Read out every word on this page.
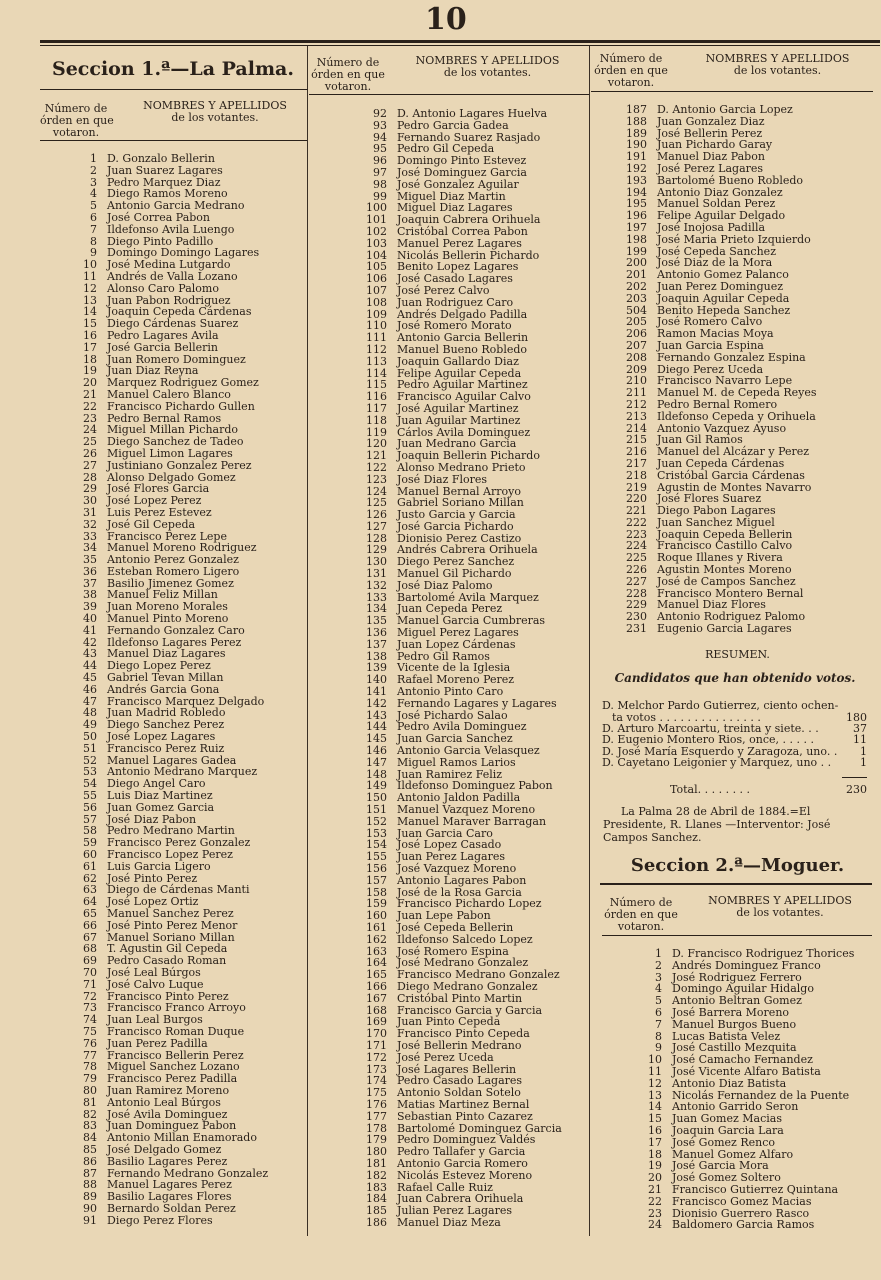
10
Seccion 1.ª—La Palma.
Número de
órden en que
votaron.
NOMBRES Y APELLIDOS
de los votantes.
Número de
órden en que
votaron.
NOMBRES Y APELLIDOS
de los votantes.
Número de
órden en que
votaron.
NOMBRES Y APELLIDOS
de los votantes.
1 D. Gonzalo Bellerin
2 Juan Suarez Lagares
3 Pedro Marquez Diaz
4 Diego Ramos Moreno
5 Antonio Garcia Medrano
6 José Correa Pabon
7 Ildefonso Avila Luengo
8 Diego Pinto Padillo
9 Domingo Domingo Lagares
10 José Medina Lutgardo
11 Andrés de Valla Lozano
12 Alonso Caro Palomo
13 Juan Pabon Rodriguez
14 Joaquin Cepeda Cárdenas
15 Diego Cárdenas Suarez
16 Pedro Lagares Avila
17 José Garcia Bellerin
18 Juan Romero Dominguez
19 Juan Diaz Reyna
20 Marquez Rodriguez Gomez
21 Manuel Calero Blanco
22 Francisco Pichardo Gullen
23 Pedro Bernal Ramos
24 Miguel Millan Pichardo
25 Diego Sanchez de Tadeo
26 Miguel Limon Lagares
27 Justiniano Gonzalez Perez
28 Alonso Delgado Gomez
29 José Flores Garcia
30 José Lopez Perez
31 Luis Perez Estevez
32 José Gil Cepeda
33 Francisco Perez Lepe
34 Manuel Moreno Rodriguez
35 Antonio Perez Gonzalez
36 Esteban Romero Ligero
37 Basilio Jimenez Gomez
38 Manuel Feliz Millan
39 Juan Moreno Morales
40 Manuel Pinto Moreno
41 Fernando Gonzalez Caro
42 Ildefonso Lagares Perez
43 Manuel Diaz Lagares
44 Diego Lopez Perez
45 Gabriel Tevan Millan
46 Andrés Garcia Gona
47 Francisco Marquez Delgado
48 Juan Madrid Robledo
49 Diego Sanchez Perez
50 José Lopez Lagares
51 Francisco Perez Ruiz
52 Manuel Lagares Gadea
53 Antonio Medrano Marquez
54 Diego Angel Caro
55 Luis Diaz Martinez
56 Juan Gomez Garcia
57 José Diaz Pabon
58 Pedro Medrano Martin
59 Francisco Perez Gonzalez
60 Francisco Lopez Perez
61 Luis Garcia Ligero
62 José Pinto Perez
63 Diego de Cárdenas Manti
64 José Lopez Ortiz
65 Manuel Sanchez Perez
66 José Pinto Perez Menor
67 Manuel Soriano Millan
68 T. Agustin Gil Cepeda
69 Pedro Casado Roman
70 José Leal Búrgos
71 José Calvo Luque
72 Francisco Pinto Perez
73 Francisco Franco Arroyo
74 Juan Leal Burgos
75 Francisco Roman Duque
76 Juan Perez Padilla
77 Francisco Bellerin Perez
78 Miguel Sanchez Lozano
79 Francisco Perez Padilla
80 Juan Ramirez Moreno
81 Antonio Leal Búrgos
82 José Avila Dominguez
83 Juan Dominguez Pabon
84 Antonio Millan Enamorado
85 José Delgado Gomez
86 Basilio Lagares Perez
87 Fernando Medrano Gonzalez
88 Manuel Lagares Perez
89 Basilio Lagares Flores
90 Bernardo Soldan Perez
91 Diego Perez Flores
92 D. Antonio Lagares Huelva
93 Pedro Garcia Gadea
94 Fernando Suarez Rasjado
95 Pedro Gil Cepeda
96 Domingo Pinto Estevez
97 José Dominguez Garcia
98 José Gonzalez Aguilar
99 Miguel Diaz Martin
100 Miguel Diaz Lagares
101 Joaquin Cabrera Orihuela
102 Cristóbal Correa Pabon
103 Manuel Perez Lagares
104 Nicolás Bellerin Pichardo
105 Benito Lopez Lagares
106 José Casado Lagares
107 José Perez Calvo
108 Juan Rodriguez Caro
109 Andrés Delgado Padilla
110 José Romero Morato
111 Antonio Garcia Bellerin
112 Manuel Bueno Robledo
113 Joaquin Gallardo Diaz
114 Felipe Aguilar Cepeda
115 Pedro Aguilar Martinez
116 Francisco Aguilar Calvo
117 José Aguilar Martinez
118 Juan Aguilar Martinez
119 Cárlos Avila Dominguez
120 Juan Medrano Garcia
121 Joaquin Bellerin Pichardo
122 Alonso Medrano Prieto
123 José Diaz Flores
124 Manuel Bernal Arroyo
125 Gabriel Soriano Millan
126 Justo Garcia y Garcia
127 José Garcia Pichardo
128 Dionisio Perez Castizo
129 Andrés Cabrera Orihuela
130 Diego Perez Sanchez
131 Manuel Gil Pichardo
132 José Diaz Palomo
133 Bartolomé Avila Marquez
134 Juan Cepeda Perez
135 Manuel Garcia Cumbreras
136 Miguel Perez Lagares
137 Juan Lopez Cárdenas
138 Pedro Gil Ramos
139 Vicente de la Iglesia
140 Rafael Moreno Perez
141 Antonio Pinto Caro
142 Fernando Lagares y Lagares
143 José Pichardo Salao
144 Pedro Avila Dominguez
145 Juan Garcia Sanchez
146 Antonio Garcia Velasquez
147 Miguel Ramos Larios
148 Juan Ramirez Feliz
149 Ildefonso Dominguez Pabon
150 Antonio Jaldon Padilla
151 Manuel Vazquez Moreno
152 Manuel Maraver Barragan
153 Juan Garcia Caro
154 José Lopez Casado
155 Juan Perez Lagares
156 José Vazquez Moreno
157 Antonio Lagares Pabon
158 José de la Rosa Garcia
159 Francisco Pichardo Lopez
160 Juan Lepe Pabon
161 José Cepeda Bellerin
162 Ildefonso Salcedo Lopez
163 José Romero Espina
164 José Medrano Gonzalez
165 Francisco Medrano Gonzalez
166 Diego Medrano Gonzalez
167 Cristóbal Pinto Martin
168 Francisco Garcia y Garcia
169 Juan Pinto Cepeda
170 Francisco Pinto Cepeda
171 José Bellerin Medrano
172 José Perez Uceda
173 José Lagares Bellerin
174 Pedro Casado Lagares
175 Antonio Soldan Sotelo
176 Matias Martinez Bernal
177 Sebastian Pinto Cazarez
178 Bartolomé Dominguez Garcia
179 Pedro Dominguez Valdés
180 Pedro Tallafer y Garcia
181 Antonio Garcia Romero
182 Nicolás Estevez Moreno
183 Rafael Calle Ruiz
184 Juan Cabrera Orihuela
185 Julian Perez Lagares
186 Manuel Diaz Meza
187 D. Antonio Garcia Lopez
188 Juan Gonzalez Diaz
189 José Bellerin Perez
190 Juan Pichardo Garay
191 Manuel Diaz Pabon
192 José Perez Lagares
193 Bartolomé Bueno Robledo
194 Antonio Diaz Gonzalez
195 Manuel Soldan Perez
196 Felipe Aguilar Delgado
197 José Inojosa Padilla
198 José Maria Prieto Izquierdo
199 José Cepeda Sanchez
200 José Diaz de la Mora
201 Antonio Gomez Palanco
202 Juan Perez Dominguez
203 Joaquin Aguilar Cepeda
504 Benito Hepeda Sanchez
205 José Romero Calvo
206 Ramon Macias Moya
207 Juan Garcia Espina
208 Fernando Gonzalez Espina
209 Diego Perez Uceda
210 Francisco Navarro Lepe
211 Manuel M. de Cepeda Reyes
212 Pedro Bernal Romero
213 Ildefonso Cepeda y Orihuela
214 Antonio Vazquez Ayuso
215 Juan Gil Ramos
216 Manuel del Alcázar y Perez
217 Juan Cepeda Cárdenas
218 Cristóbal Garcia Cárdenas
219 Agustin de Montes Navarro
220 José Flores Suarez
221 Diego Pabon Lagares
222 Juan Sanchez Miguel
223 Joaquin Cepeda Bellerin
224 Francisco Castillo Calvo
225 Roque Illanes y Rivera
226 Agustin Montes Moreno
227 José de Campos Sanchez
228 Francisco Montero Bernal
229 Manuel Diaz Flores
230 Antonio Rodriguez Palomo
231 Eugenio Garcia Lagares
RESUMEN.
Candidatos que han obtenido votos.
D. Melchor Pardo Gutierrez, ciento ochen-
ta votos . . . . . . . . . . . . . . .	180
D. Arturo Marcoartu, treinta y siete. . .	37
D. Eugenio Montero Rios, once, . . . . .	11
D. José María Esquerdo y Zaragoza, uno. . 1
D. Cayetano Leigonier y Marquez, uno . .	1
Total. . . . . . . .	230
La Palma 28 de Abril de 1884.=El Presidente, R. Llanes —Interventor: José Campos Sanchez.
Seccion 2.ª—Moguer.
Número de
órden en que
votaron.
NOMBRES Y APELLIDOS
de los votantes.
1 D. Francisco Rodriguez Thorices
2 Andrés Dominguez Franco
3 José Rodriguez Ferrero
4 Domingo Aguilar Hidalgo
5 Antonio Beltran Gomez
6 José Barrera Moreno
7 Manuel Burgos Bueno
8 Lucas Batista Velez
9 José Castillo Mezquita
10 José Camacho Fernandez
11 José Vicente Alfaro Batista
12 Antonio Diaz Batista
13 Nicolás Fernandez de la Puente
14 Antonio Garrido Seron
15 Juan Gomez Macias
16 Joaquin Garcia Lara
17 José Gomez Renco
18 Manuel Gomez Alfaro
19 José Garcia Mora
20 José Gomez Soltero
21 Francisco Gutierrez Quintana
22 Francisco Gomez Macias
23 Dionisio Guerrero Rasco
24 Baldomero Garcia Ramos
